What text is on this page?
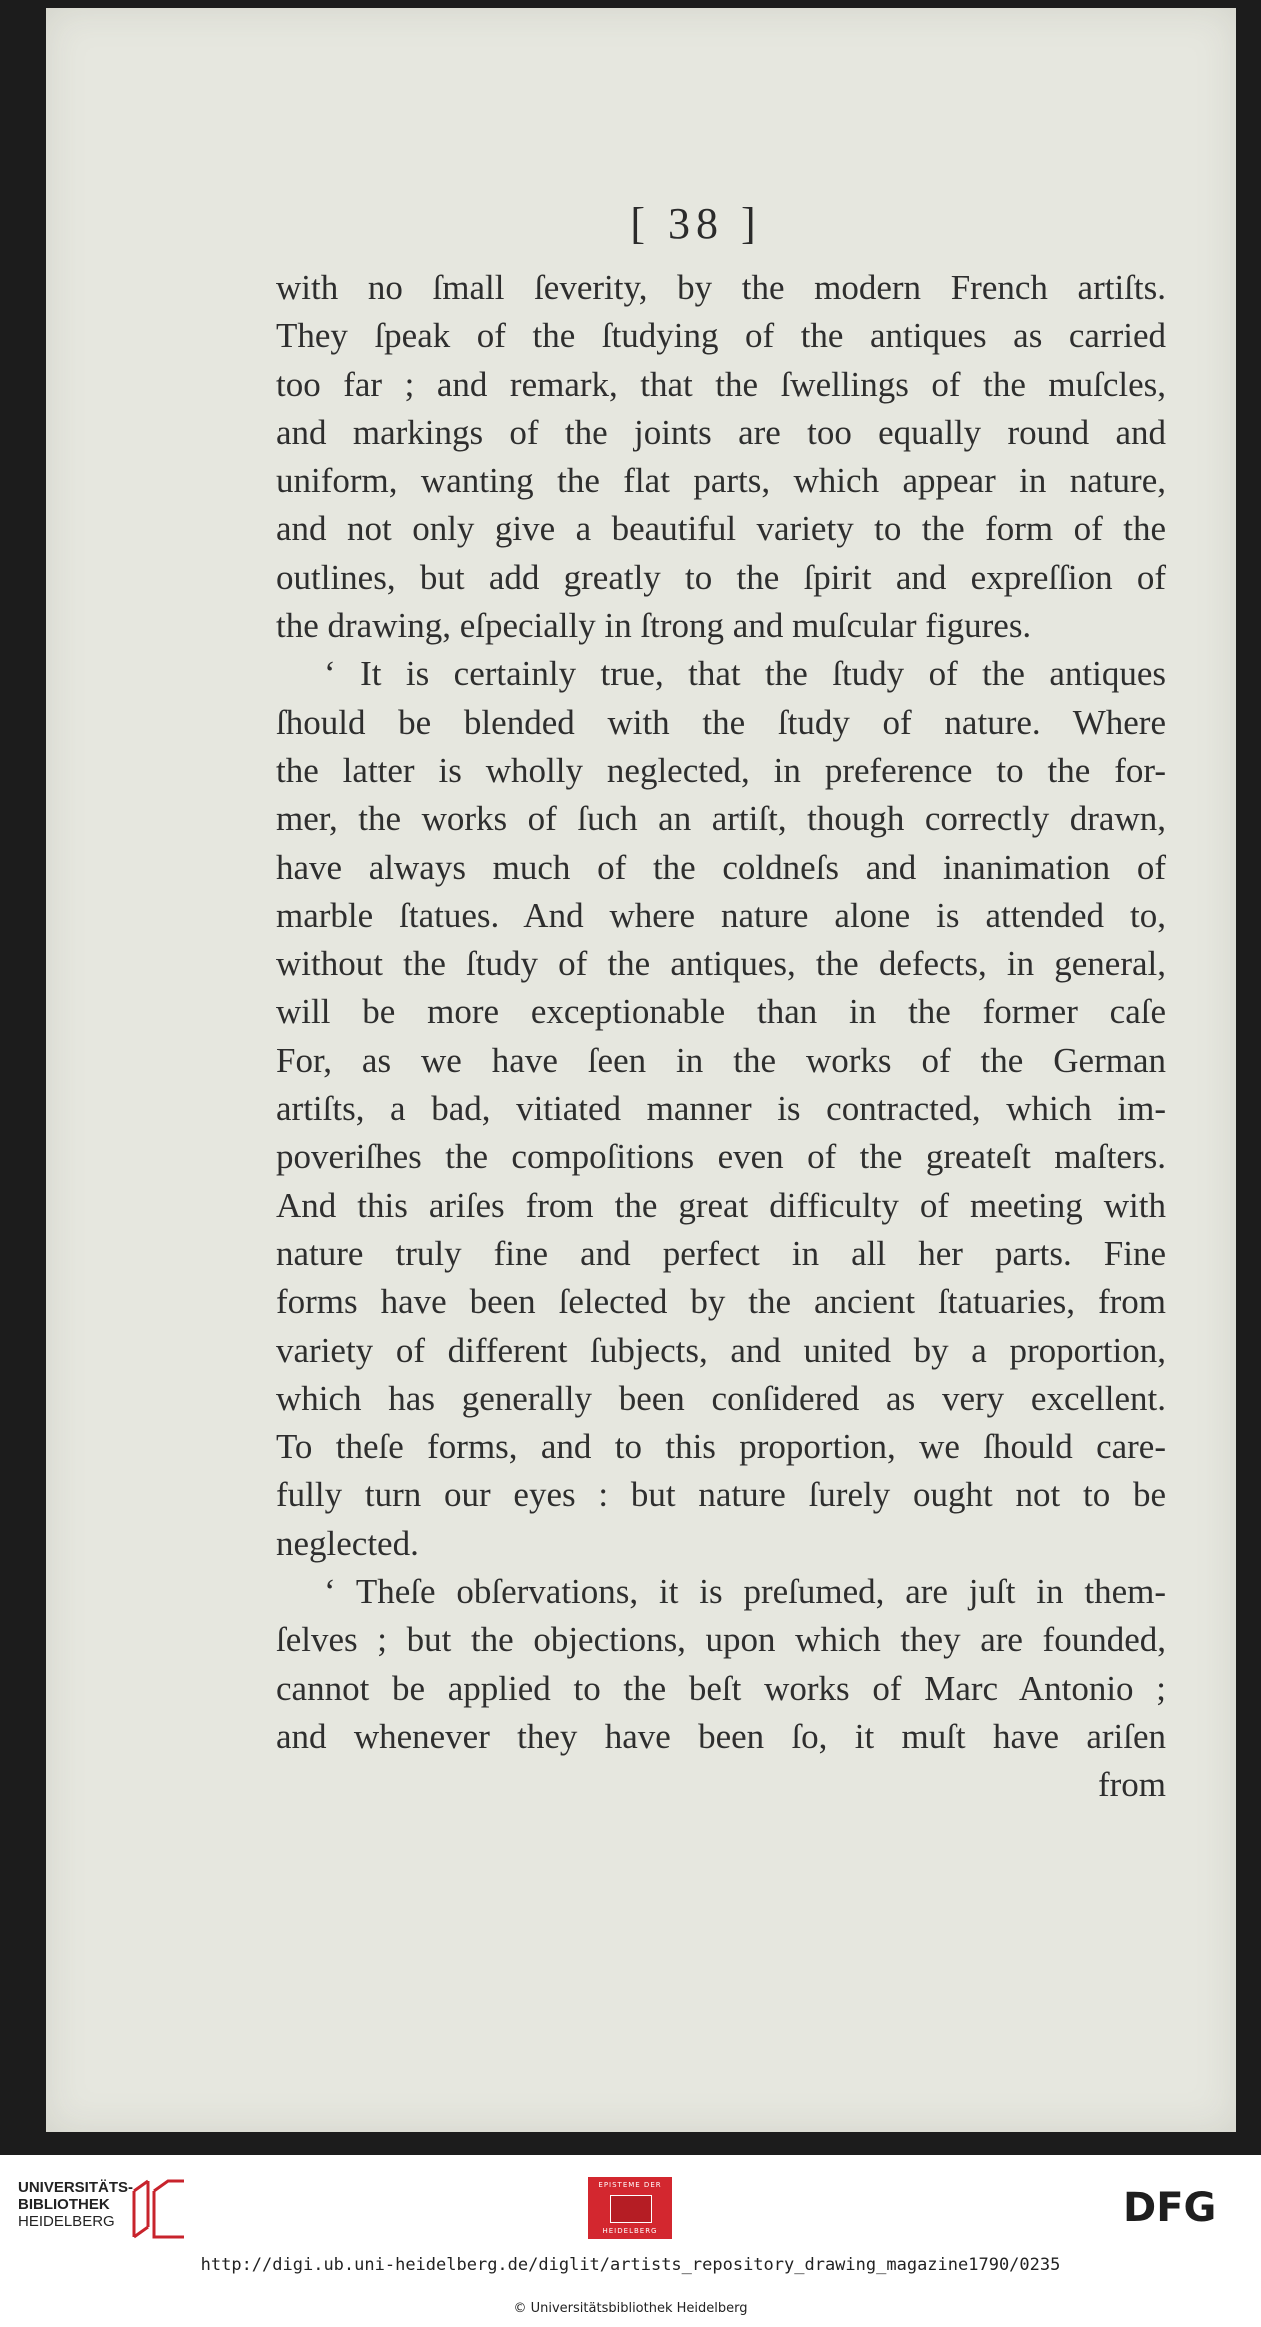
[ 38 ]
with no ſmall ſeverity, by the modern French artiſts.
They ſpeak of the ſtudying of the antiques as carried
too far ; and remark, that the ſwellings of the muſcles,
and markings of the joints are too equally round and
uniform, wanting the flat parts, which appear in nature,
and not only give a beautiful variety to the form of the
outlines, but add greatly to the ſpirit and expreſſion of
the drawing, eſpecially in ſtrong and muſcular figures.
‘ It is certainly true, that the ſtudy of the antiques
ſhould be blended with the ſtudy of nature. Where
the latter is wholly neglected, in preference to the for-
mer, the works of ſuch an artiſt, though correctly drawn,
have always much of the coldneſs and inanimation of
marble ſtatues. And where nature alone is attended to,
without the ſtudy of the antiques, the defects, in general,
will be more exceptionable than in the former caſe
For, as we have ſeen in the works of the German
artiſts, a bad, vitiated manner is contracted, which im-
poveriſhes the compoſitions even of the greateſt maſters.
And this ariſes from the great difficulty of meeting with
nature truly fine and perfect in all her parts. Fine
forms have been ſelected by the ancient ſtatuaries, from
variety of different ſubjects, and united by a proportion,
which has generally been conſidered as very excellent.
To theſe forms, and to this proportion, we ſhould care-
fully turn our eyes : but nature ſurely ought not to be
neglected.
‘ Theſe obſervations, it is preſumed, are juſt in them-
ſelves ; but the objections, upon which they are founded,
cannot be applied to the beſt works of Marc Antonio ;
and whenever they have been ſo, it muſt have ariſen
from
UNIVERSITÄTS-
BIBLIOTHEK
HEIDELBERG
EPISTEME DER
HEIDELBERG	DFG
http://digi.ub.uni-heidelberg.de/diglit/artists_repository_drawing_magazine1790/0235
© Universitätsbibliothek Heidelberg
